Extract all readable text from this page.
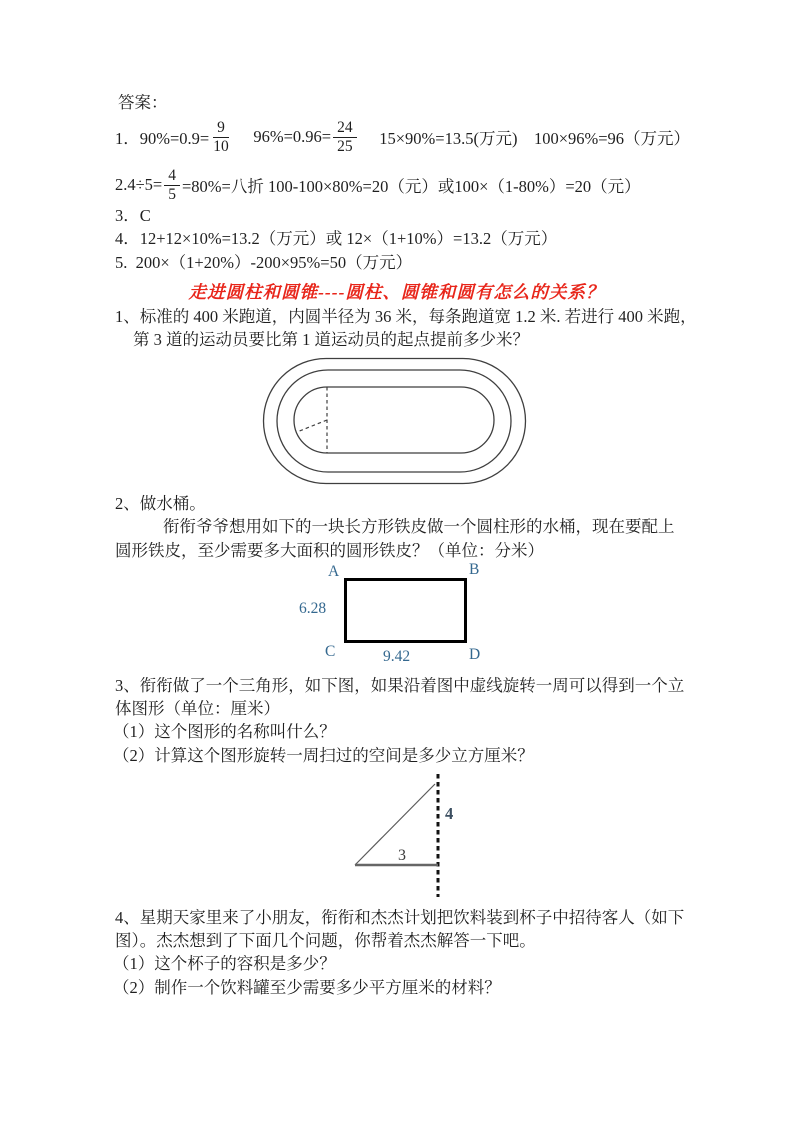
答案：
1．$90\%=0.9= \frac{9}{10} 96\%=0.96= \frac{24}{25} 15\times 90\%=13.5$(万元)    100×96%=96（万元）
$2.4\div 5= \frac{4}{5} =80\%=$八折 100-100×80%=20（元）或100×（1-80%）=20（元）
3．C
4．12+12×10%=13.2（万元）或 12×（1+10%）=13.2（万元）
5.  200×（1+20%）-200×95%=50（万元）
走进圆柱和圆锥----圆柱、圆锥和圆有怎么的关系？
1、标准的 400 米跑道，内圆半径为 36 米，每条跑道宽 1.2 米. 若进行 400 米跑，
第 3 道的运动员要比第 1 道运动员的起点提前多少米？
2、做水桶。
衔衔爷爷想用如下的一块长方形铁皮做一个圆柱形的水桶，现在要配上
圆形铁皮，至少需要多大面积的圆形铁皮？（单位：分米）
A	B
C	D
6.28
9.42
3、衔衔做了一个三角形，如下图，如果沿着图中虚线旋转一周可以得到一个立
体图形（单位：厘米）
（1）这个图形的名称叫什么？
（2）计算这个图形旋转一周扫过的空间是多少立方厘米？
3
4
4、星期天家里来了小朋友，衔衔和杰杰计划把饮料装到杯子中招待客人（如下
图）。杰杰想到了下面几个问题，你帮着杰杰解答一下吧。
（1）这个杯子的容积是多少？
（2）制作一个饮料罐至少需要多少平方厘米的材料？
